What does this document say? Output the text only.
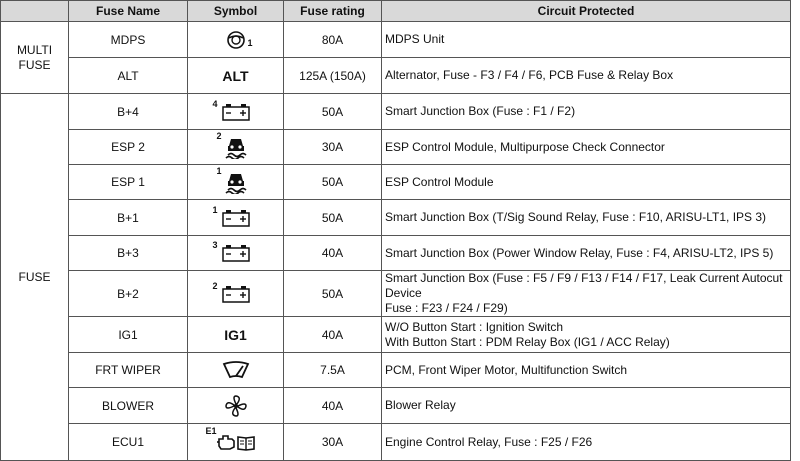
	Fuse Name	Symbol	Fuse rating	Circuit Protected

MULTI
FUSE	MDPS	1	80A	MDPS Unit

	ALT	ALT	125A (150A)	Alternator, Fuse - F3 / F4 / F6, PCB Fuse & Relay Box

FUSE	B+4	4	50A	Smart Junction Box (Fuse : F1 / F2)

	ESP 2	2	30A	ESP Control Module, Multipurpose Check Connector

	ESP 1	1	50A	ESP Control Module

	B+1	1	50A	Smart Junction Box (T/Sig Sound Relay, Fuse : F10, ARISU-LT1, IPS 3)

	B+3	3	40A	Smart Junction Box (Power Window Relay, Fuse : F4, ARISU-LT2, IPS 5)

	B+2	2	50A	Smart Junction Box (Fuse : F5 / F9 / F13 / F14 / F17, Leak Current Autocut Device
Fuse : F23 / F24 / F29)

	IG1	IG1	40A	W/O Button Start : Ignition Switch
With Button Start : PDM Relay Box (IG1 / ACC Relay)

	FRT WIPER		7.5A	PCM, Front Wiper Motor, Multifunction Switch

	BLOWER		40A	Blower Relay

	ECU1	E1	30A	Engine Control Relay, Fuse : F25 / F26
